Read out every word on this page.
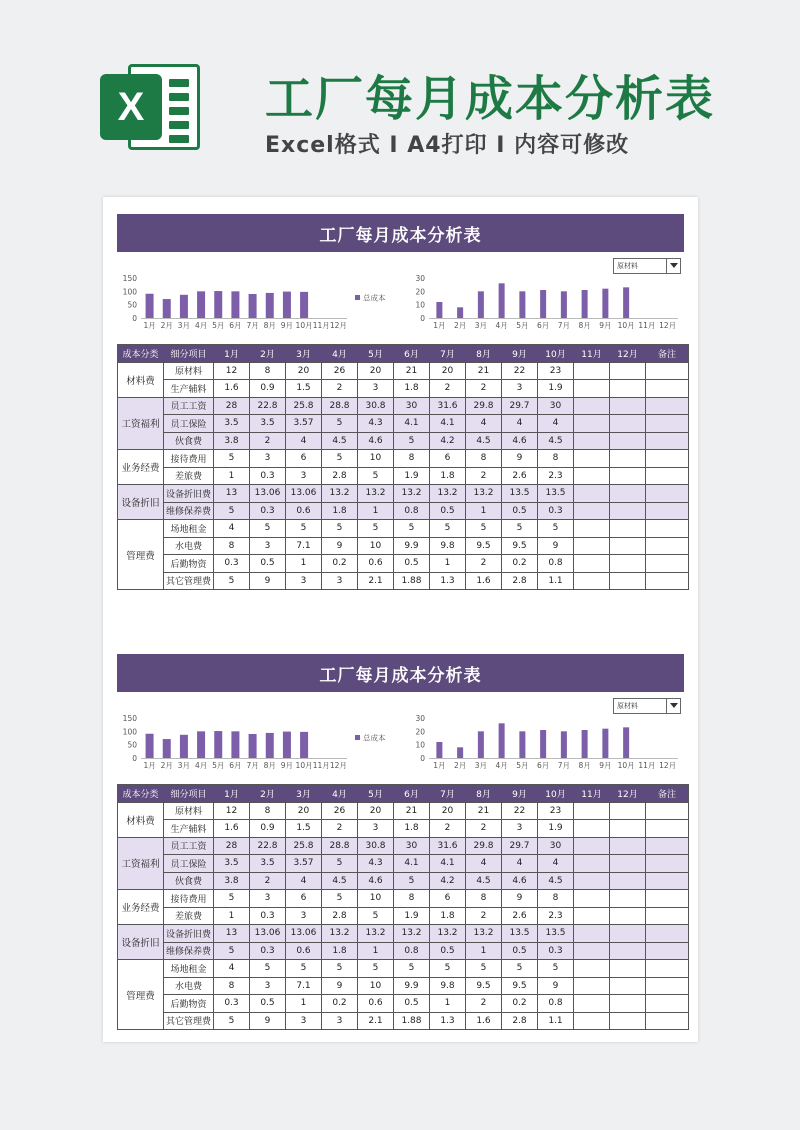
X	工厂每月成本分析表
Excel格式 I A4打印 I 内容可修改
工厂每月成本分析表
0
50
100
150
1月 2月 3月 4月 5月 6月 7月 8月 9月 10月 11月 12月
总成本
0
10
20
30
1月 2月 3月 4月 5月 6月 7月 8月 9月 10月 11月 12月
原材料
成本分类	细分项目	1月	2月	3月	4月	5月	6月	7月	8月	9月	10月	11月	12月	备注
材料费	原材料	12	8	20	26	20	21	20	21	22	23			
	生产辅料	1.6	0.9	1.5	2	3	1.8	2	2	3	1.9			
工资福利	员工工资	28	22.8	25.8	28.8	30.8	30	31.6	29.8	29.7	30			
	员工保险	3.5	3.5	3.57	5	4.3	4.1	4.1	4	4	4			
	伙食费	3.8	2	4	4.5	4.6	5	4.2	4.5	4.6	4.5			
业务经费	接待费用	5	3	6	5	10	8	6	8	9	8			
	差旅费	1	0.3	3	2.8	5	1.9	1.8	2	2.6	2.3			
设备折旧	设备折旧费	13	13.06	13.06	13.2	13.2	13.2	13.2	13.2	13.5	13.5			
	维修保养费	5	0.3	0.6	1.8	1	0.8	0.5	1	0.5	0.3			
管理费	场地租金	4	5	5	5	5	5	5	5	5	5			
	水电费	8	3	7.1	9	10	9.9	9.8	9.5	9.5	9			
	后勤物资	0.3	0.5	1	0.2	0.6	0.5	1	2	0.2	0.8			
	其它管理费	5	9	3	3	2.1	1.88	1.3	1.6	2.8	1.1			
工厂每月成本分析表
0
50
100
150
1月 2月 3月 4月 5月 6月 7月 8月 9月 10月 11月 12月
总成本
0
10
20
30
1月 2月 3月 4月 5月 6月 7月 8月 9月 10月 11月 12月
原材料
成本分类	细分项目	1月	2月	3月	4月	5月	6月	7月	8月	9月	10月	11月	12月	备注
材料费	原材料	12	8	20	26	20	21	20	21	22	23			
	生产辅料	1.6	0.9	1.5	2	3	1.8	2	2	3	1.9			
工资福利	员工工资	28	22.8	25.8	28.8	30.8	30	31.6	29.8	29.7	30			
	员工保险	3.5	3.5	3.57	5	4.3	4.1	4.1	4	4	4			
	伙食费	3.8	2	4	4.5	4.6	5	4.2	4.5	4.6	4.5			
业务经费	接待费用	5	3	6	5	10	8	6	8	9	8			
	差旅费	1	0.3	3	2.8	5	1.9	1.8	2	2.6	2.3			
设备折旧	设备折旧费	13	13.06	13.06	13.2	13.2	13.2	13.2	13.2	13.5	13.5			
	维修保养费	5	0.3	0.6	1.8	1	0.8	0.5	1	0.5	0.3			
管理费	场地租金	4	5	5	5	5	5	5	5	5	5			
	水电费	8	3	7.1	9	10	9.9	9.8	9.5	9.5	9			
	后勤物资	0.3	0.5	1	0.2	0.6	0.5	1	2	0.2	0.8			
	其它管理费	5	9	3	3	2.1	1.88	1.3	1.6	2.8	1.1			
